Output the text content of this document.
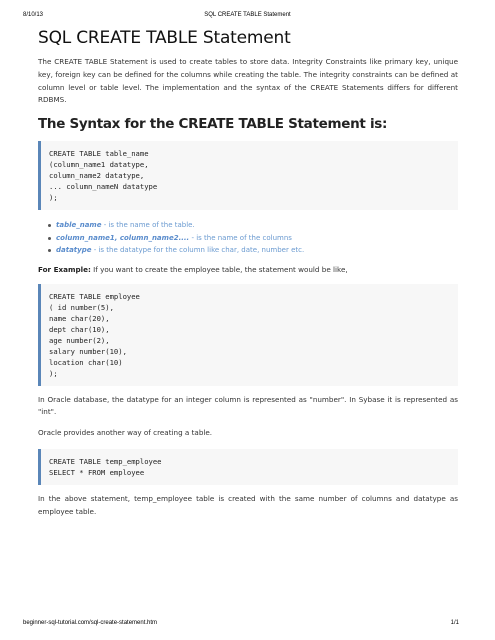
8/10/13	SQL CREATE TABLE Statement
SQL CREATE TABLE Statement

The CREATE TABLE Statement is used to create tables to store data. Integrity Constraints like primary key, unique key, foreign key can be defined for the columns while creating the table. The integrity constraints can be defined at column level or table level. The implementation and the syntax of the CREATE Statements differs for different RDBMS.

The Syntax for the CREATE TABLE Statement is:
CREATE TABLE table_name
(column_name1 datatype,
column_name2 datatype,
... column_nameN datatype
);
table_name - is the name of the table.
column_name1, column_name2.... - is the name of the columns
datatype - is the datatype for the column like char, date, number etc.
For Example: If you want to create the employee table, the statement would be like,
CREATE TABLE employee
( id number(5),
name char(20),
dept char(10),
age number(2),
salary number(10),
location char(10)
);

In Oracle database, the datatype for an integer column is represented as "number". In Sybase it is represented as "int".

Oracle provides another way of creating a table.

CREATE TABLE temp_employee
SELECT * FROM employee

In the above statement, temp_employee table is created with the same number of columns and datatype as employee table.

beginner-sql-tutorial.com/sql-create-statement.htm	1/1
